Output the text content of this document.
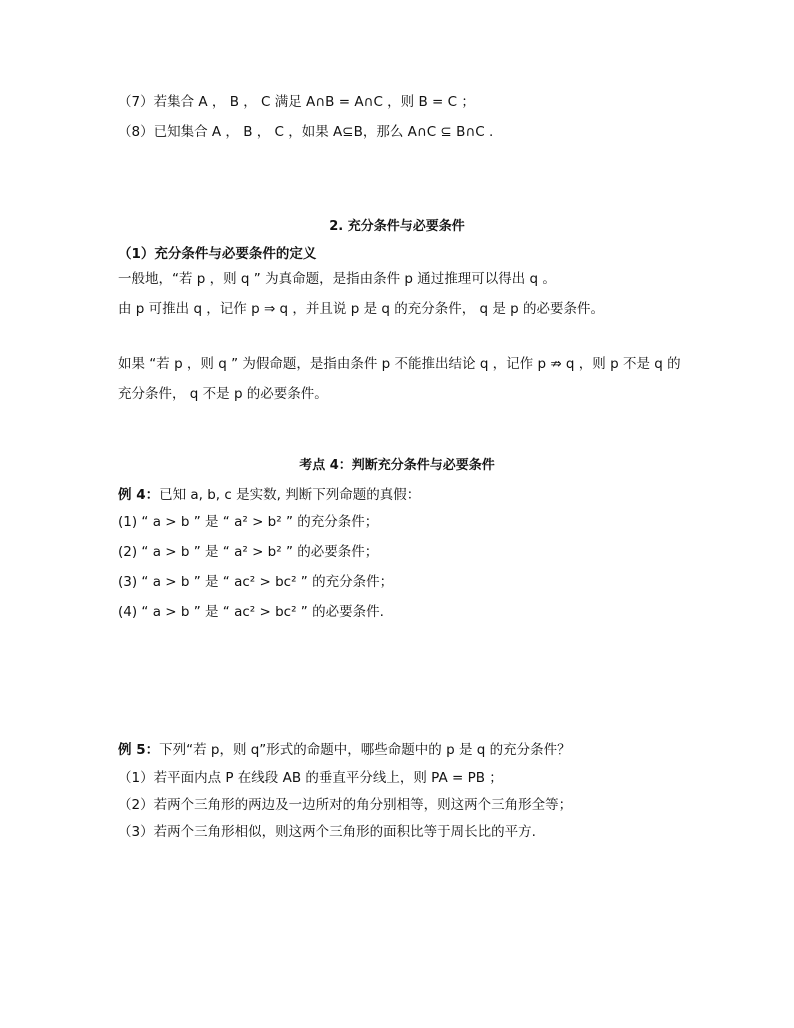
（7）若集合 A ， B ， C 满足 A∩B = A∩C ，则 B = C ；
（8）已知集合 A ， B ， C ，如果 A⊆B，那么 A∩C ⊆ B∩C .
2. 充分条件与必要条件
（1）充分条件与必要条件的定义
一般地，“若 p ，则 q ” 为真命题，是指由条件 p 通过推理可以得出 q 。
由 p 可推出 q ，记作 p ⇒ q ，并且说 p 是 q 的充分条件， q 是 p 的必要条件。
如果 “若 p ，则 q ” 为假命题，是指由条件 p 不能推出结论 q ，记作 p ⇏ q ，则 p 不是 q 的
充分条件， q 不是 p 的必要条件。
考点 4：判断充分条件与必要条件
例 4：已知 a, b, c 是实数, 判断下列命题的真假：
(1) “ a > b ” 是 “ a² > b² ” 的充分条件；
(2) “ a > b ” 是 “ a² > b² ” 的必要条件；
(3) “ a > b ” 是 “ ac² > bc² ” 的充分条件；
(4) “ a > b ” 是 “ ac² > bc² ” 的必要条件.
例 5：下列“若 p，则 q”形式的命题中，哪些命题中的 p 是 q 的充分条件？
（1）若平面内点 P 在线段 AB 的垂直平分线上，则 PA = PB ；
（2）若两个三角形的两边及一边所对的角分别相等，则这两个三角形全等；
（3）若两个三角形相似，则这两个三角形的面积比等于周长比的平方.
